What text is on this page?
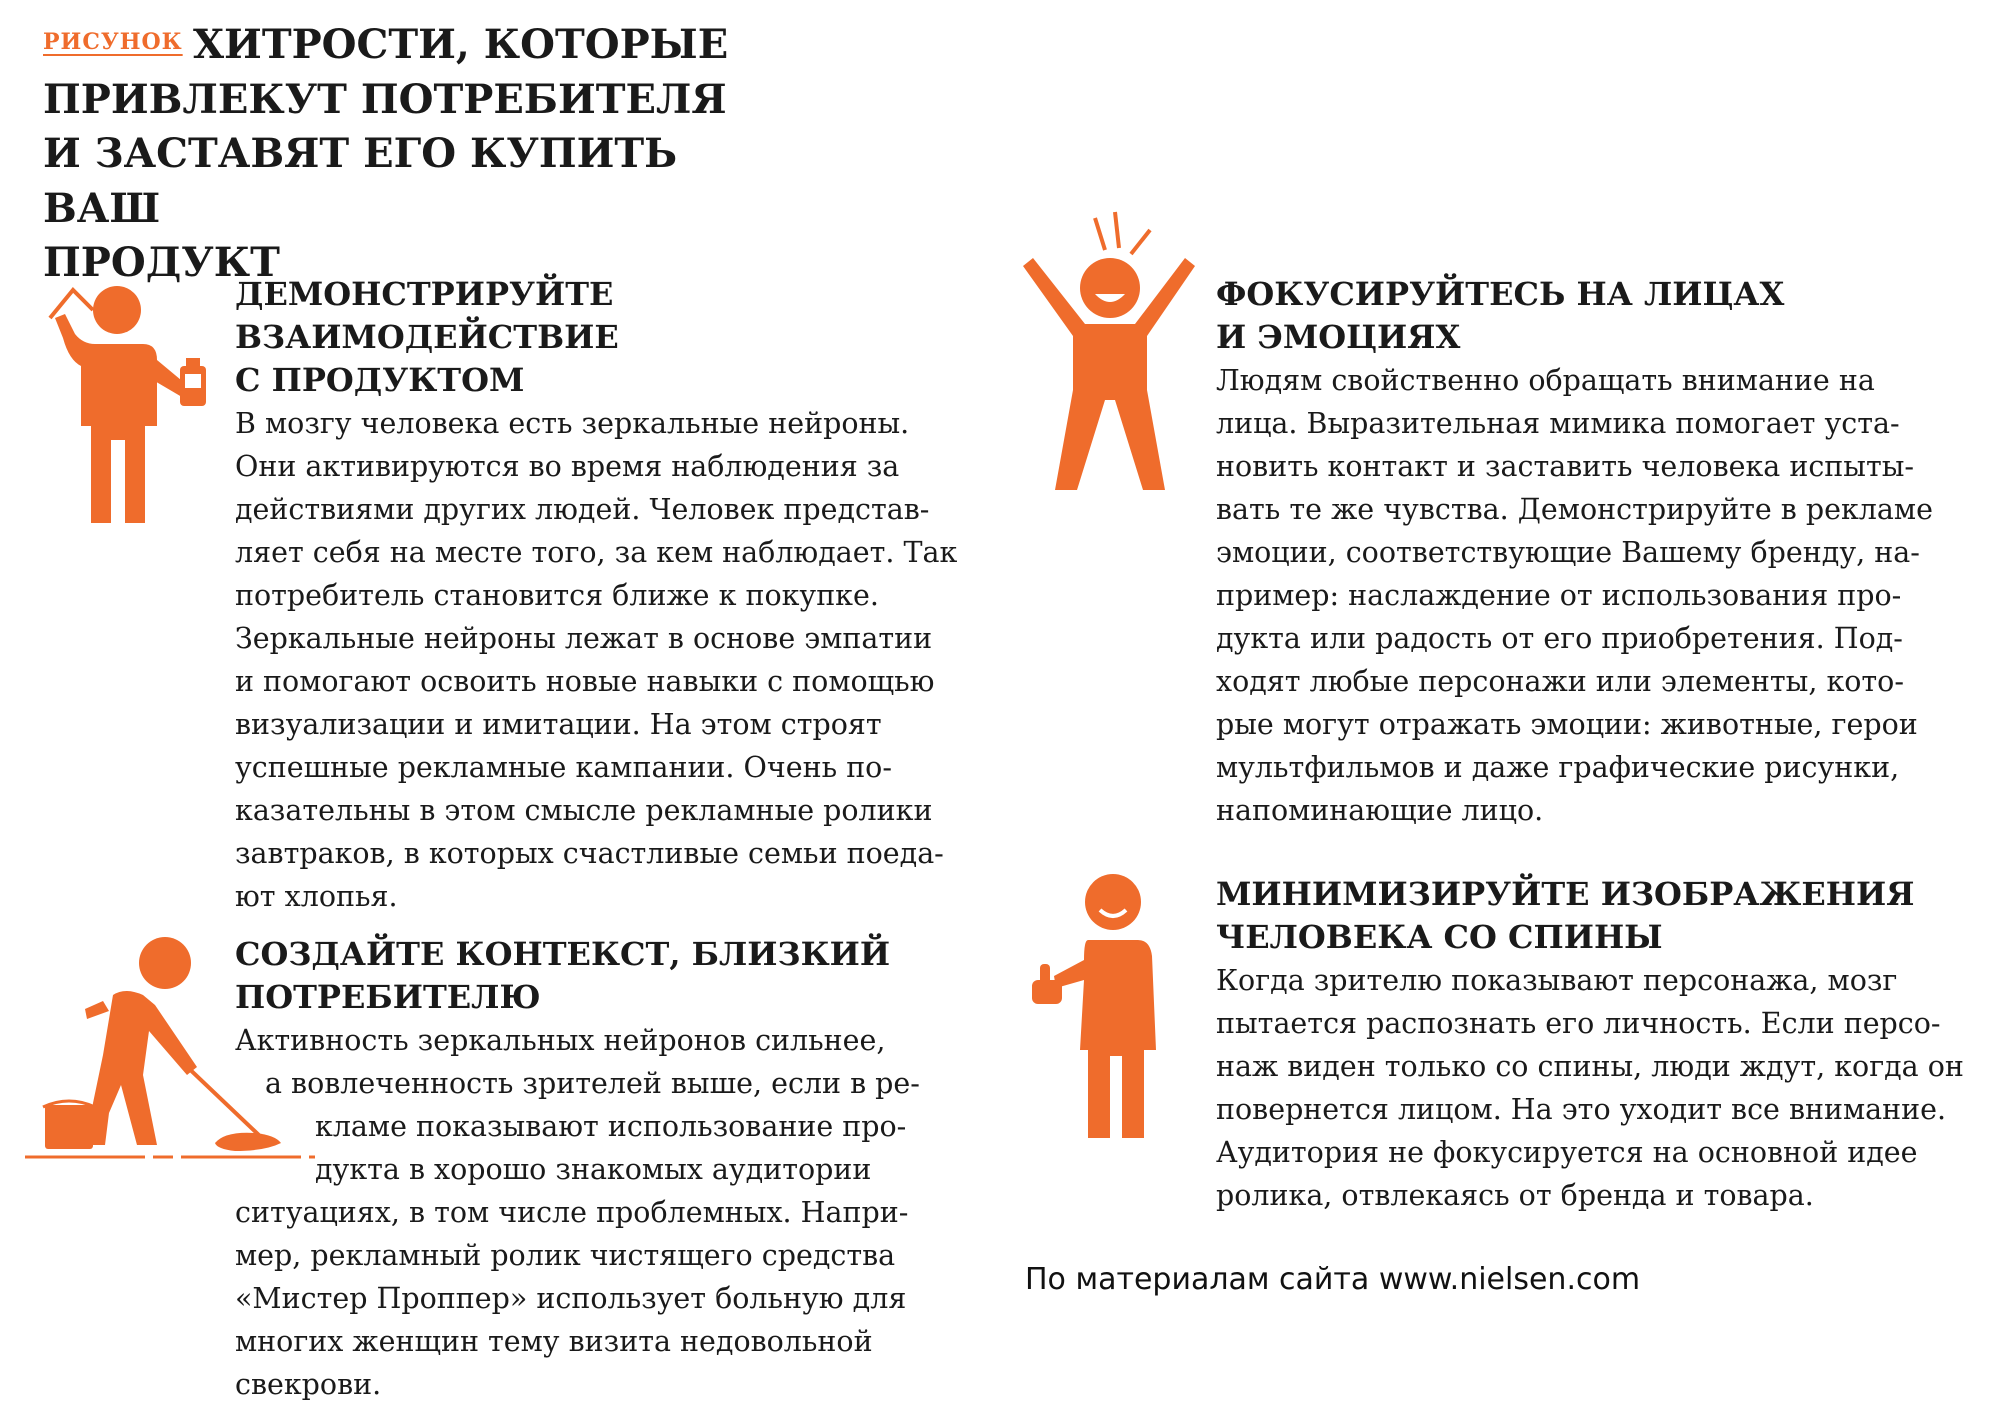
РИСУНОК ХИТРОСТИ, КОТОРЫЕ
ПРИВЛЕКУТ ПОТРЕБИТЕЛЯ
И ЗАСТАВЯТ ЕГО КУПИТЬ ВАШ
ПРОДУКТ
ДЕМОНСТРИРУЙТЕ ВЗАИМОДЕЙСТВИЕ
С ПРОДУКТОМ

В мозгу человека есть зеркальные нейроны.
Они активируются во время наблюдения за
действиями других людей. Человек представ-
ляет себя на месте того, за кем наблюдает. Так
потребитель становится ближе к покупке.
Зеркальные нейроны лежат в основе эмпатии
и помогают освоить новые навыки с помощью
визуализации и имитации. На этом строят
успешные рекламные кампании. Очень по-
казательны в этом смысле рекламные ролики
завтраков, в которых счастливые семьи поеда-
ют хлопья.

ФОКУСИРУЙТЕСЬ НА ЛИЦАХ
И ЭМОЦИЯХ

Людям свойственно обращать внимание на
лица. Выразительная мимика помогает уста-
новить контакт и заставить человека испыты-
вать те же чувства. Демонстрируйте в рекламе
эмоции, соответствующие Вашему бренду, на-
пример: наслаждение от использования про-
дукта или радость от его приобретения. Под-
ходят любые персонажи или элементы, кото-
рые могут отражать эмоции: животные, герои
мультфильмов и даже графические рисунки,
напоминающие лицо.

СОЗДАЙТЕ КОНТЕКСТ, БЛИЗКИЙ
ПОТРЕБИТЕЛЮ

Активность зеркальных нейронов сильнее,
а вовлеченность зрителей выше, если в ре-
кламе показывают использование про-
дукта в хорошо знакомых аудитории
ситуациях, в том числе проблемных. Напри-
мер, рекламный ролик чистящего средства
«Мистер Проппер» использует больную для
многих женщин тему визита недовольной
свекрови.

МИНИМИЗИРУЙТЕ ИЗОБРАЖЕНИЯ
ЧЕЛОВЕКА СО СПИНЫ

Когда зрителю показывают персонажа, мозг
пытается распознать его личность. Если персо-
наж виден только со спины, люди ждут, когда он
повернется лицом. На это уходит все внимание.
Аудитория не фокусируется на основной идее
ролика, отвлекаясь от бренда и товара.

По материалам сайта www.nielsen.com
